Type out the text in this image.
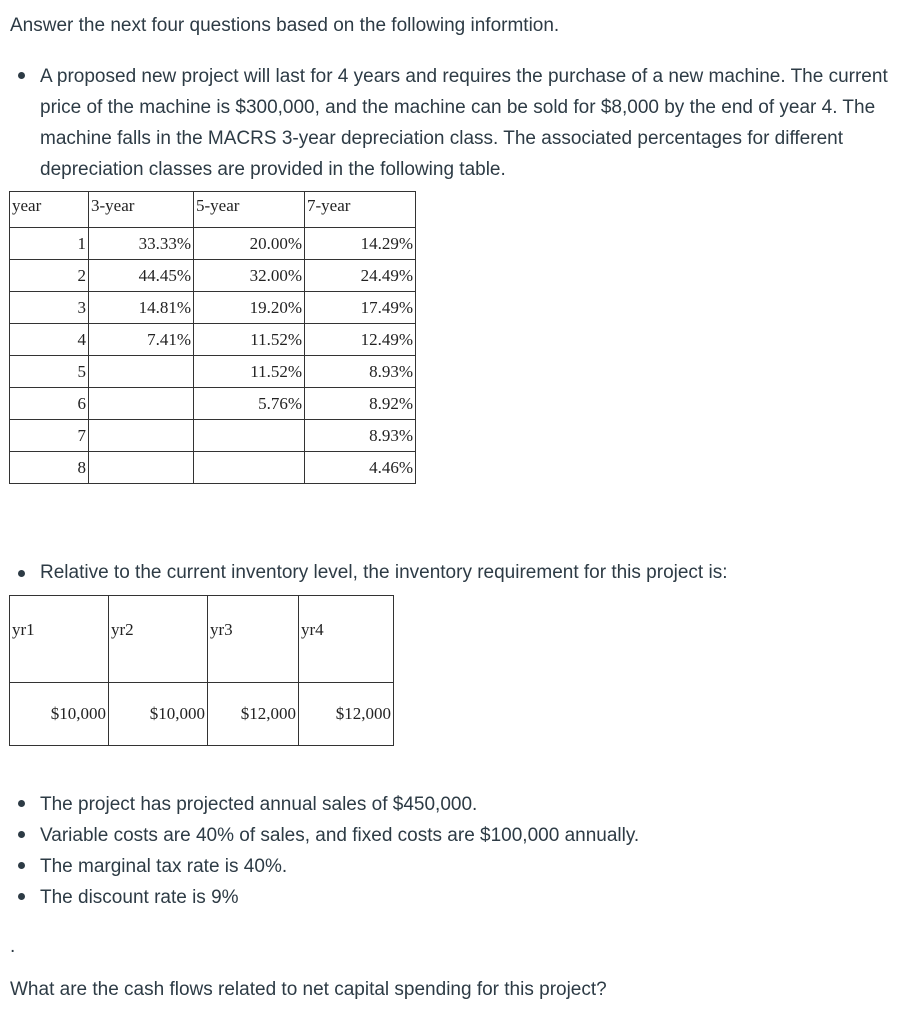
Answer the next four questions based on the following informtion.

A proposed new project will last for 4 years and requires the purchase of a new machine. The current price of the machine is $300,000, and the machine can be sold for $8,000 by the end of year 4. The machine falls in the MACRS 3-year depreciation class. The associated percentages for different depreciation classes are provided in the following table.
year	3-year	5-year	7-year
1	33.33%	20.00%	14.29%
2	44.45%	32.00%	24.49%
3	14.81%	19.20%	17.49%
4	7.41%	11.52%	12.49%
5		11.52%	8.93%
6		5.76%	8.92%
7			8.93%
8			4.46%
Relative to the current inventory level, the inventory requirement for this project is:
yr1	yr2	yr3	yr4
$10,000	$10,000	$12,000	$12,000
The project has projected annual sales of $450,000.
Variable costs are 40% of sales, and fixed costs are $100,000 annually.
The marginal tax rate is 40%.
The discount rate is 9%
.

What are the cash flows related to net capital spending for this project?
